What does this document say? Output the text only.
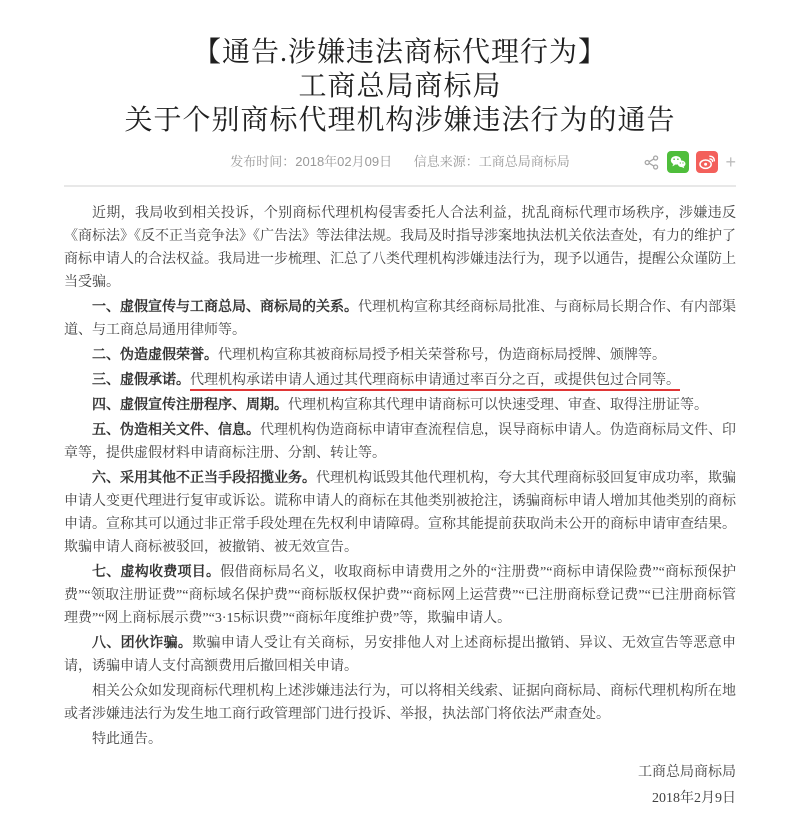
【通告.涉嫌违法商标代理行为】
工商总局商标局
关于个别商标代理机构涉嫌违法行为的通告
发布时间：2018年02月09日 信息来源：工商总局商标局	+

近期，我局收到相关投诉，个别商标代理机构侵害委托人合法利益，扰乱商标代理市场秩序，涉嫌违反《商标法》《反不正当竞争法》《广告法》等法律法规。我局及时指导涉案地执法机关依法查处，有力的维护了商标申请人的合法权益。我局进一步梳理、汇总了八类代理机构涉嫌违法行为，现予以通告，提醒公众谨防上当受骗。

一、虚假宣传与工商总局、商标局的关系。代理机构宣称其经商标局批准、与商标局长期合作、有内部渠道、与工商总局通用律师等。

二、伪造虚假荣誉。代理机构宣称其被商标局授予相关荣誉称号，伪造商标局授牌、颁牌等。

三、虚假承诺。代理机构承诺申请人通过其代理商标申请通过率百分之百，或提供包过合同等。

四、虚假宣传注册程序、周期。代理机构宣称其代理申请商标可以快速受理、审查、取得注册证等。

五、伪造相关文件、信息。代理机构伪造商标申请审查流程信息，误导商标申请人。伪造商标局文件、印章等，提供虚假材料申请商标注册、分割、转让等。

六、采用其他不正当手段招揽业务。代理机构诋毁其他代理机构，夸大其代理商标驳回复审成功率，欺骗申请人变更代理进行复审或诉讼。谎称申请人的商标在其他类别被抢注，诱骗商标申请人增加其他类别的商标申请。宣称其可以通过非正常手段处理在先权利申请障碍。宣称其能提前获取尚未公开的商标申请审查结果。欺骗申请人商标被驳回，被撤销、被无效宣告。

七、虚构收费项目。假借商标局名义，收取商标申请费用之外的“注册费”“商标申请保险费”“商标预保护费”“领取注册证费”“商标域名保护费”“商标版权保护费”“商标网上运营费”“已注册商标登记费”“已注册商标管理费”“网上商标展示费”“3·15标识费”“商标年度维护费”等，欺骗申请人。

八、团伙诈骗。欺骗申请人受让有关商标，另安排他人对上述商标提出撤销、异议、无效宣告等恶意申请，诱骗申请人支付高额费用后撤回相关申请。

相关公众如发现商标代理机构上述涉嫌违法行为，可以将相关线索、证据向商标局、商标代理机构所在地或者涉嫌违法行为发生地工商行政管理部门进行投诉、举报，执法部门将依法严肃查处。

特此通告。

工商总局商标局
2018年2月9日
